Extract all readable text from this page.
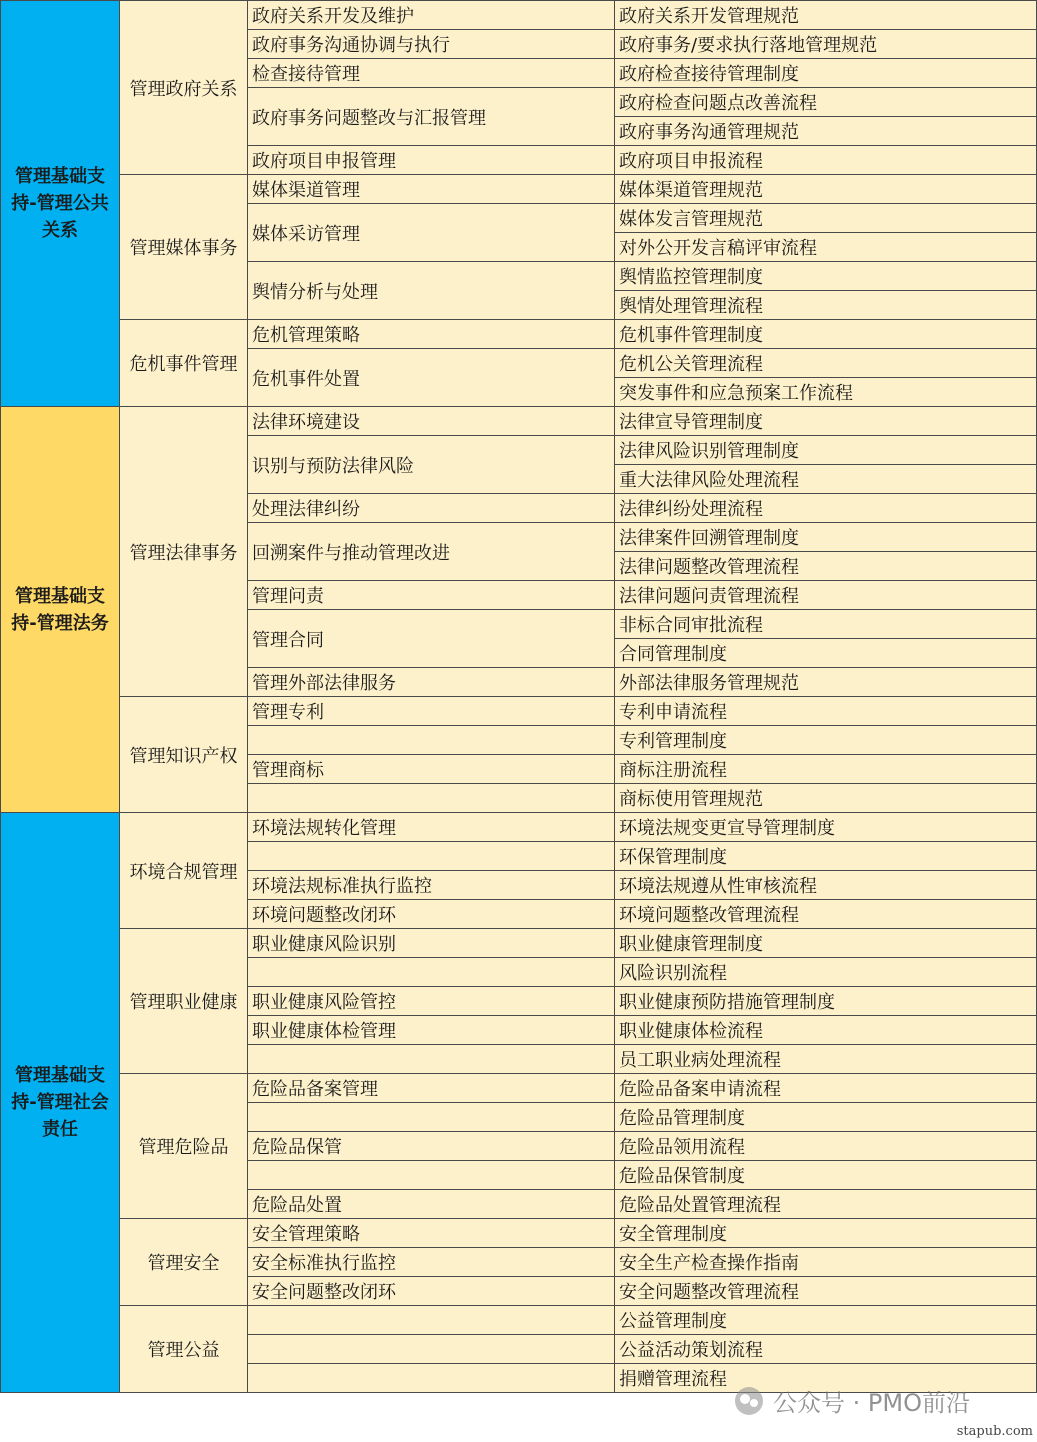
管理基础支持-管理公共关系	管理政府关系	政府关系开发及维护	政府关系开发管理规范
		政府事务沟通协调与执行	政府事务/要求执行落地管理规范
		检查接待管理	政府检查接待管理制度
		政府事务问题整改与汇报管理	政府检查问题点改善流程
			政府事务沟通管理规范
		政府项目申报管理	政府项目申报流程
	管理媒体事务	媒体渠道管理	媒体渠道管理规范
		媒体采访管理	媒体发言管理规范
			对外公开发言稿评审流程
		舆情分析与处理	舆情监控管理制度
			舆情处理管理流程
	危机事件管理	危机管理策略	危机事件管理制度
		危机事件处置	危机公关管理流程
			突发事件和应急预案工作流程
管理基础支持-管理法务	管理法律事务	法律环境建设	法律宣导管理制度
		识别与预防法律风险	法律风险识别管理制度
			重大法律风险处理流程
		处理法律纠纷	法律纠纷处理流程
		回溯案件与推动管理改进	法律案件回溯管理制度
			法律问题整改管理流程
		管理问责	法律问题问责管理流程
		管理合同	非标合同审批流程
			合同管理制度
		管理外部法律服务	外部法律服务管理规范
	管理知识产权	管理专利	专利申请流程
			专利管理制度
		管理商标	商标注册流程
			商标使用管理规范
管理基础支持-管理社会责任	环境合规管理	环境法规转化管理	环境法规变更宣导管理制度
			环保管理制度
		环境法规标准执行监控	环境法规遵从性审核流程
		环境问题整改闭环	环境问题整改管理流程
	管理职业健康	职业健康风险识别	职业健康管理制度
			风险识别流程
		职业健康风险管控	职业健康预防措施管理制度
		职业健康体检管理	职业健康体检流程
			员工职业病处理流程
	管理危险品	危险品备案管理	危险品备案申请流程
			危险品管理制度
		危险品保管	危险品领用流程
			危险品保管制度
		危险品处置	危险品处置管理流程
	管理安全	安全管理策略	安全管理制度
		安全标准执行监控	安全生产检查操作指南
		安全问题整改闭环	安全问题整改管理流程
	管理公益		公益管理制度
			公益活动策划流程
			捐赠管理流程
公众号 · PMO前沿
stapub.com
